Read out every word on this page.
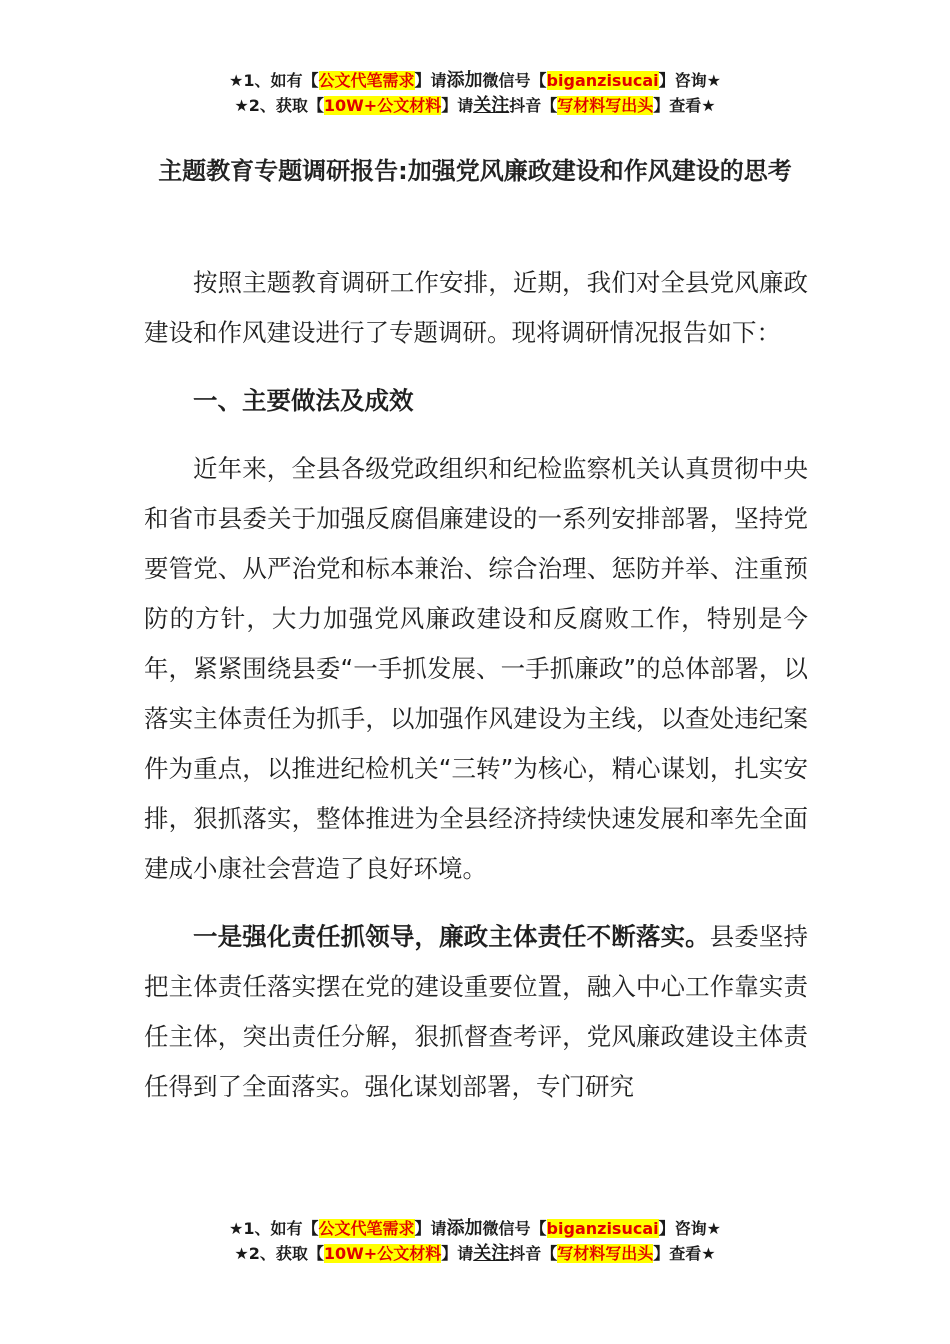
★1、如有【公文代笔需求】请添加微信号【biganzisucai】咨询★
★2、获取【10W+公文材料】请关注抖音【写材料写出头】查看★
主题教育专题调研报告:加强党风廉政建设和作风建设的思考

按照主题教育调研工作安排，近期，我们对全县党风廉政建设和作风建设进行了专题调研。现将调研情况报告如下：

一、主要做法及成效

近年来，全县各级党政组织和纪检监察机关认真贯彻中央和省市县委关于加强反腐倡廉建设的一系列安排部署，坚持党要管党、从严治党和标本兼治、综合治理、惩防并举、注重预防的方针，大力加强党风廉政建设和反腐败工作，特别是今年，紧紧围绕县委“一手抓发展、一手抓廉政”的总体部署，以落实主体责任为抓手，以加强作风建设为主线，以查处违纪案件为重点，以推进纪检机关“三转”为核心，精心谋划，扎实安排，狠抓落实，整体推进为全县经济持续快速发展和率先全面建成小康社会营造了良好环境。

一是强化责任抓领导，廉政主体责任不断落实。县委坚持把主体责任落实摆在党的建设重要位置，融入中心工作靠实责任主体，突出责任分解，狠抓督查考评，党风廉政建设主体责任得到了全面落实。强化谋划部署，专门研究

★1、如有【公文代笔需求】请添加微信号【biganzisucai】咨询★
★2、获取【10W+公文材料】请关注抖音【写材料写出头】查看★
